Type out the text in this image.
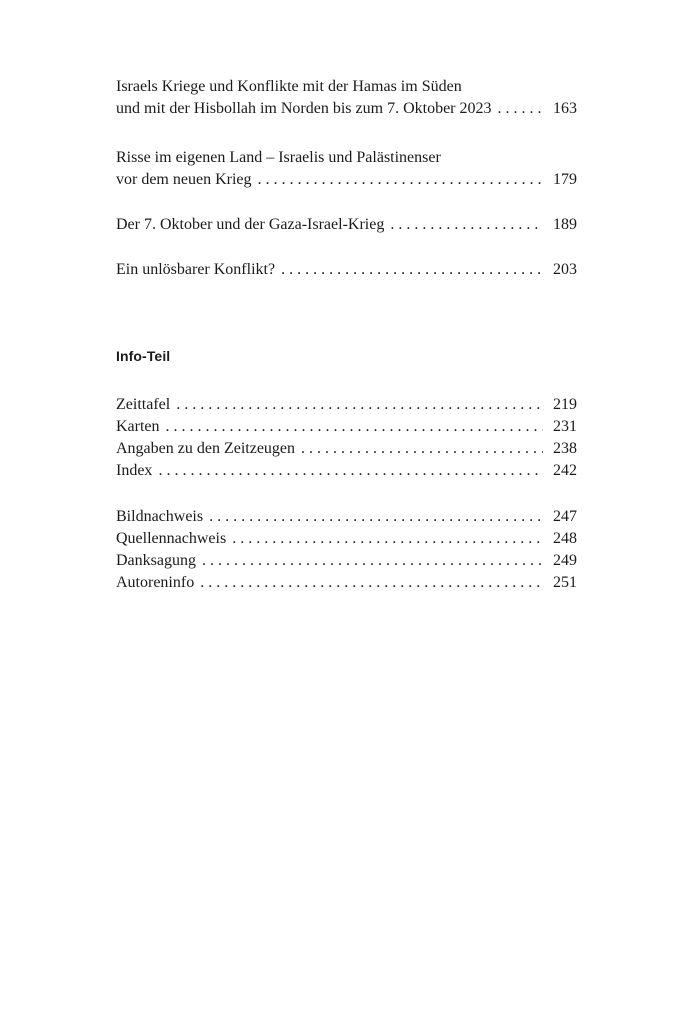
Israels Kriege und Konflikte mit der Hamas im Süden
und mit der Hisbollah im Norden bis zum 7. Oktober 2023 . . .	163
Risse im eigenen Land – Israelis und Palästinenser
vor dem neuen Krieg . . .	179
Der 7. Oktober und der Gaza-Israel-Krieg . . .	189
Ein unlösbarer Konflikt? . . .	203
Info-Teil
Zeittafel . . .	219
Karten . . .	231
Angaben zu den Zeitzeugen . . .	238
Index . . .	242
Bildnachweis . . .	247
Quellennachweis . . .	248
Danksagung . . .	249
Autoreninfo . . .	251
